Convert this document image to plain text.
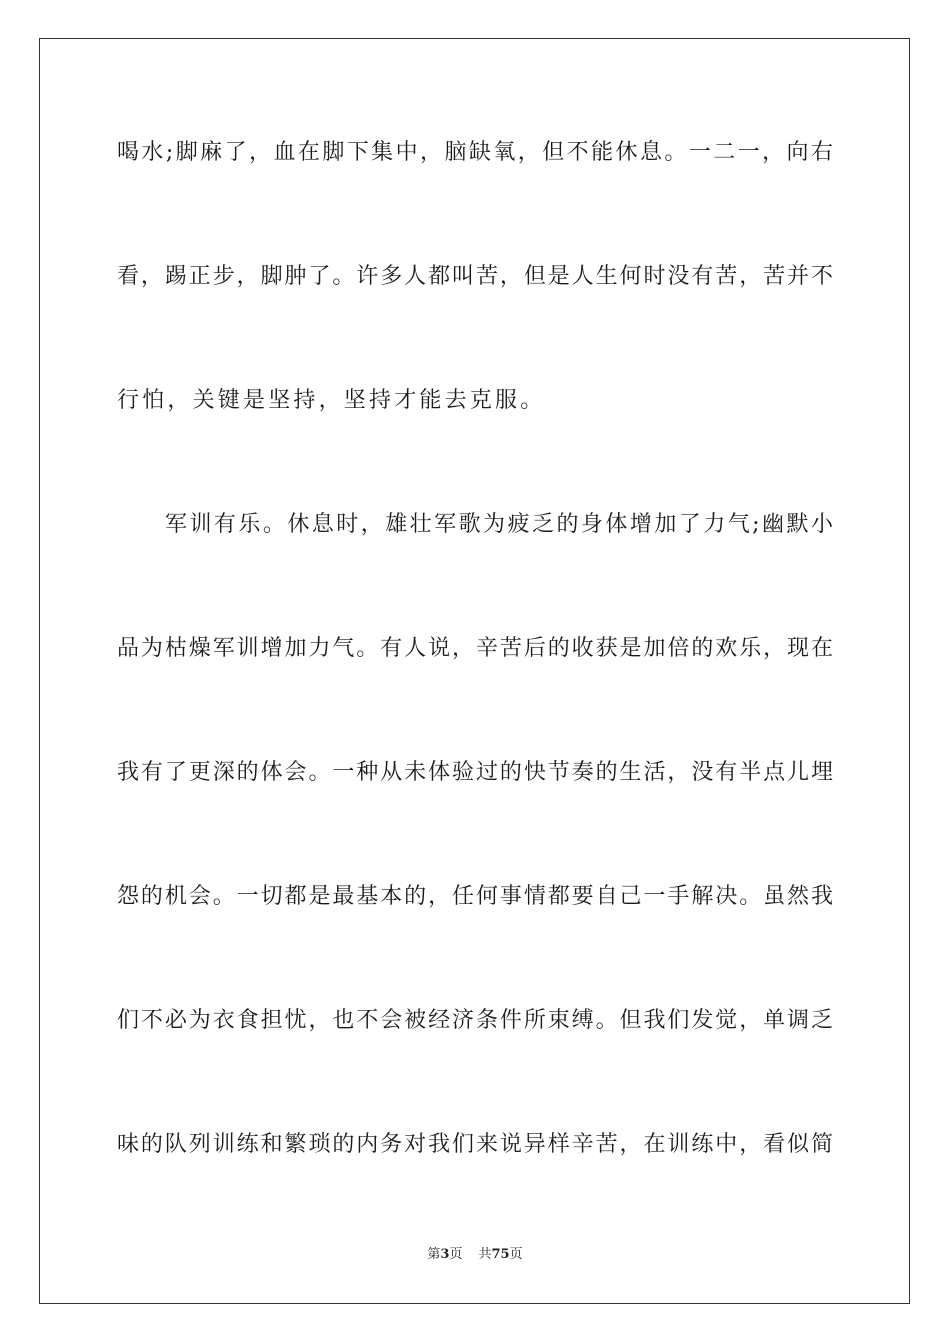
喝水;脚麻了，血在脚下集中，脑缺氧，但不能休息。一二一，向右

看，踢正步，脚肿了。许多人都叫苦，但是人生何时没有苦，苦并不

行怕，关键是坚持，坚持才能去克服。

军训有乐。休息时，雄壮军歌为疲乏的身体增加了力气;幽默小

品为枯燥军训增加力气。有人说，辛苦后的收获是加倍的欢乐，现在

我有了更深的体会。一种从未体验过的快节奏的生活，没有半点儿埋

怨的机会。一切都是最基本的，任何事情都要自己一手解决。虽然我

们不必为衣食担忧，也不会被经济条件所束缚。但我们发觉，单调乏

味的队列训练和繁琐的内务对我们来说异样辛苦，在训练中，看似简

第3页 共75页
